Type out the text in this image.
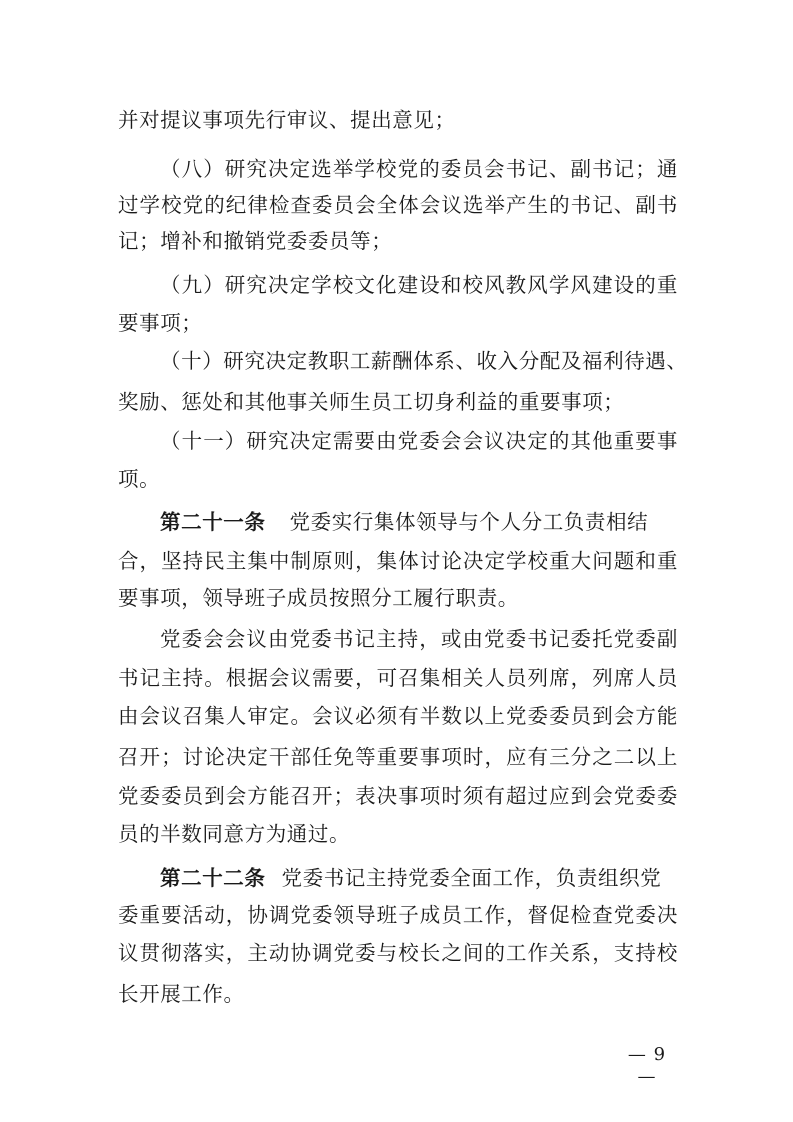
并对提议事项先行审议、提出意见；
（八）研究决定选举学校党的委员会书记、副书记；通
过学校党的纪律检查委员会全体会议选举产生的书记、副书
记；增补和撤销党委委员等；
（九）研究决定学校文化建设和校风教风学风建设的重
要事项；
（十）研究决定教职工薪酬体系、收入分配及福利待遇、
奖励、惩处和其他事关师生员工切身利益的重要事项；
（十一）研究决定需要由党委会会议决定的其他重要事
项。
第二十一条 党委实行集体领导与个人分工负责相结
合，坚持民主集中制原则，集体讨论决定学校重大问题和重
要事项，领导班子成员按照分工履行职责。
党委会会议由党委书记主持，或由党委书记委托党委副
书记主持。根据会议需要，可召集相关人员列席，列席人员
由会议召集人审定。会议必须有半数以上党委委员到会方能
召开；讨论决定干部任免等重要事项时，应有三分之二以上
党委委员到会方能召开；表决事项时须有超过应到会党委委
员的半数同意方为通过。
第二十二条 党委书记主持党委全面工作，负责组织党
委重要活动，协调党委领导班子成员工作，督促检查党委决
议贯彻落实，主动协调党委与校长之间的工作关系，支持校
长开展工作。
— 9 —
